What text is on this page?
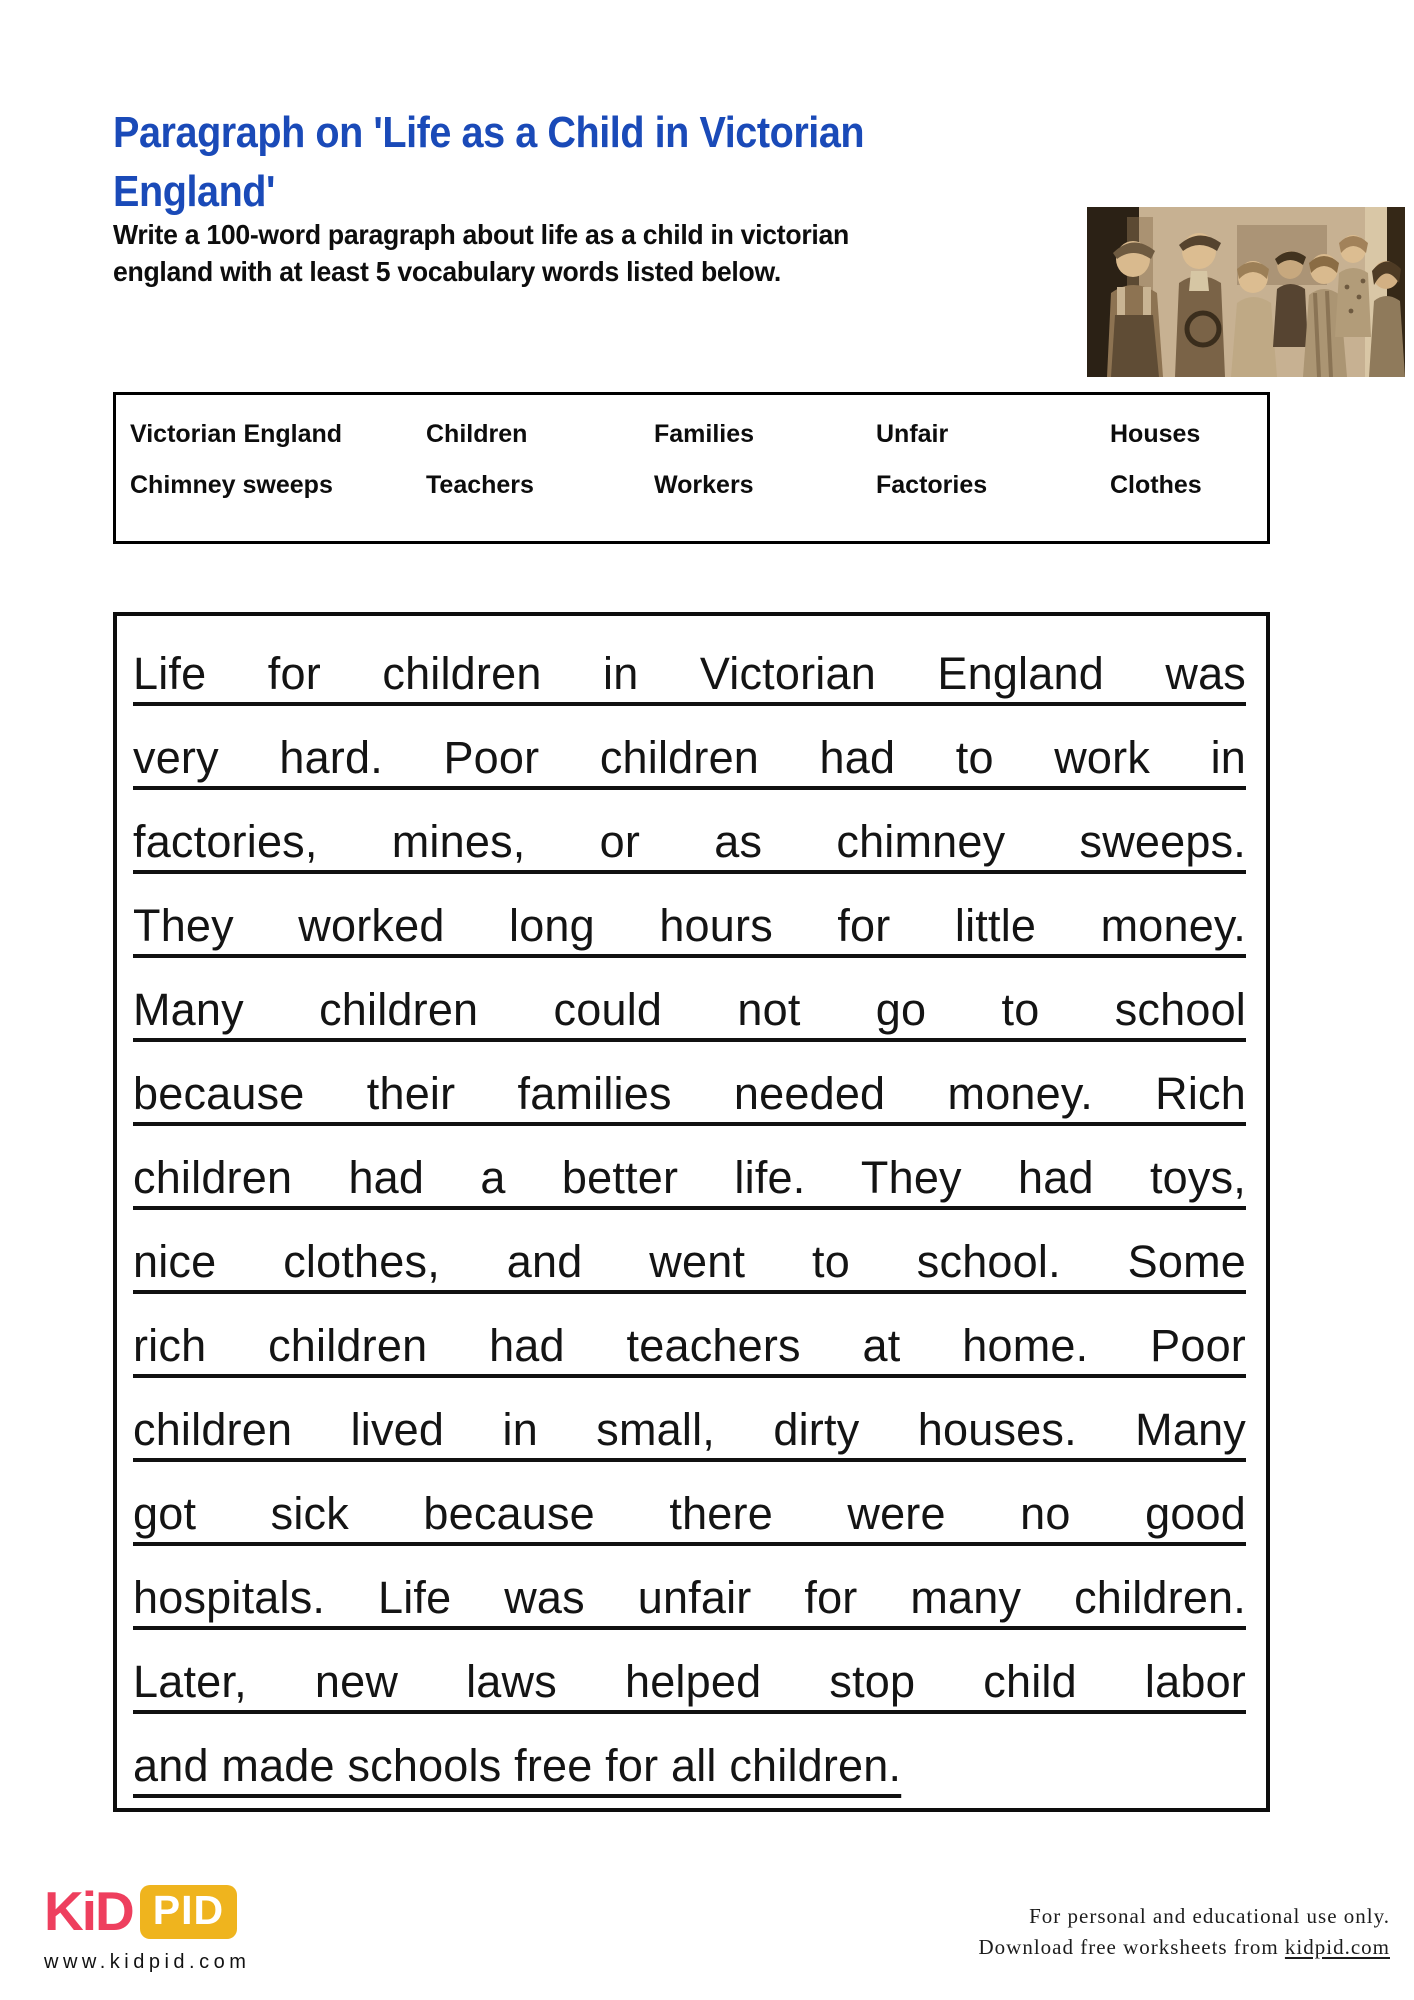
Paragraph on 'Life as a Child in Victorian
England'
Write a 100-word paragraph about life as a child in victorian
england with at least 5 vocabulary words listed below.
Victorian England	Children	Families	Unfair	Houses
Chimney sweeps	Teachers	Workers	Factories	Clothes
Life for children in Victorian England was
very hard. Poor children had to work in
factories, mines, or as chimney sweeps.
They worked long hours for little money.
Many children could not go to school
because their families needed money. Rich
children had a better life. They had toys,
nice clothes, and went to school. Some
rich children had teachers at home. Poor
children lived in small, dirty houses. Many
got sick because there were no good
hospitals. Life was unfair for many children.
Later, new laws helped stop child labor
and made schools free for all children.
KiD PID
www.kidpid.com
For personal and educational use only.
Download free worksheets from kidpid.com
